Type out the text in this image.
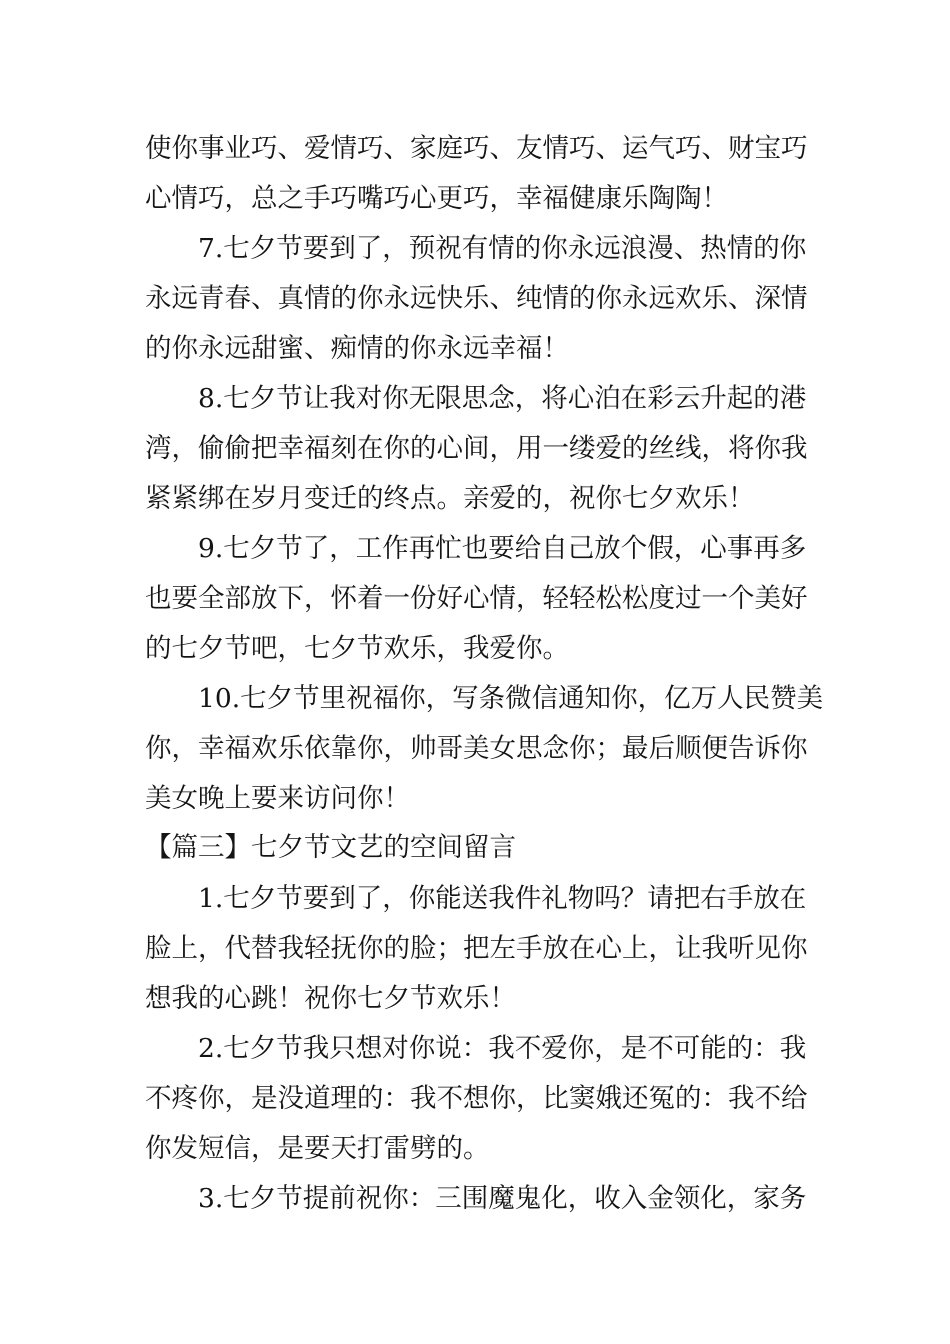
使你事业巧、爱情巧、家庭巧、友情巧、运气巧、财宝巧
心情巧，总之手巧嘴巧心更巧，幸福健康乐陶陶！
7.七夕节要到了，预祝有情的你永远浪漫、热情的你
永远青春、真情的你永远快乐、纯情的你永远欢乐、深情
的你永远甜蜜、痴情的你永远幸福！
8.七夕节让我对你无限思念，将心泊在彩云升起的港
湾，偷偷把幸福刻在你的心间，用一缕爱的丝线，将你我
紧紧绑在岁月变迁的终点。亲爱的，祝你七夕欢乐！
9.七夕节了，工作再忙也要给自己放个假，心事再多
也要全部放下，怀着一份好心情，轻轻松松度过一个美好
的七夕节吧，七夕节欢乐，我爱你。
10.七夕节里祝福你，写条微信通知你，亿万人民赞美
你，幸福欢乐依靠你，帅哥美女思念你；最后顺便告诉你
美女晚上要来访问你！
【篇三】七夕节文艺的空间留言
1.七夕节要到了，你能送我件礼物吗？请把右手放在
脸上，代替我轻抚你的脸；把左手放在心上，让我听见你
想我的心跳！祝你七夕节欢乐！
2.七夕节我只想对你说：我不爱你，是不可能的：我
不疼你，是没道理的：我不想你，比窦娥还冤的：我不给
你发短信，是要天打雷劈的。
3.七夕节提前祝你：三围魔鬼化，收入金领化，家务
